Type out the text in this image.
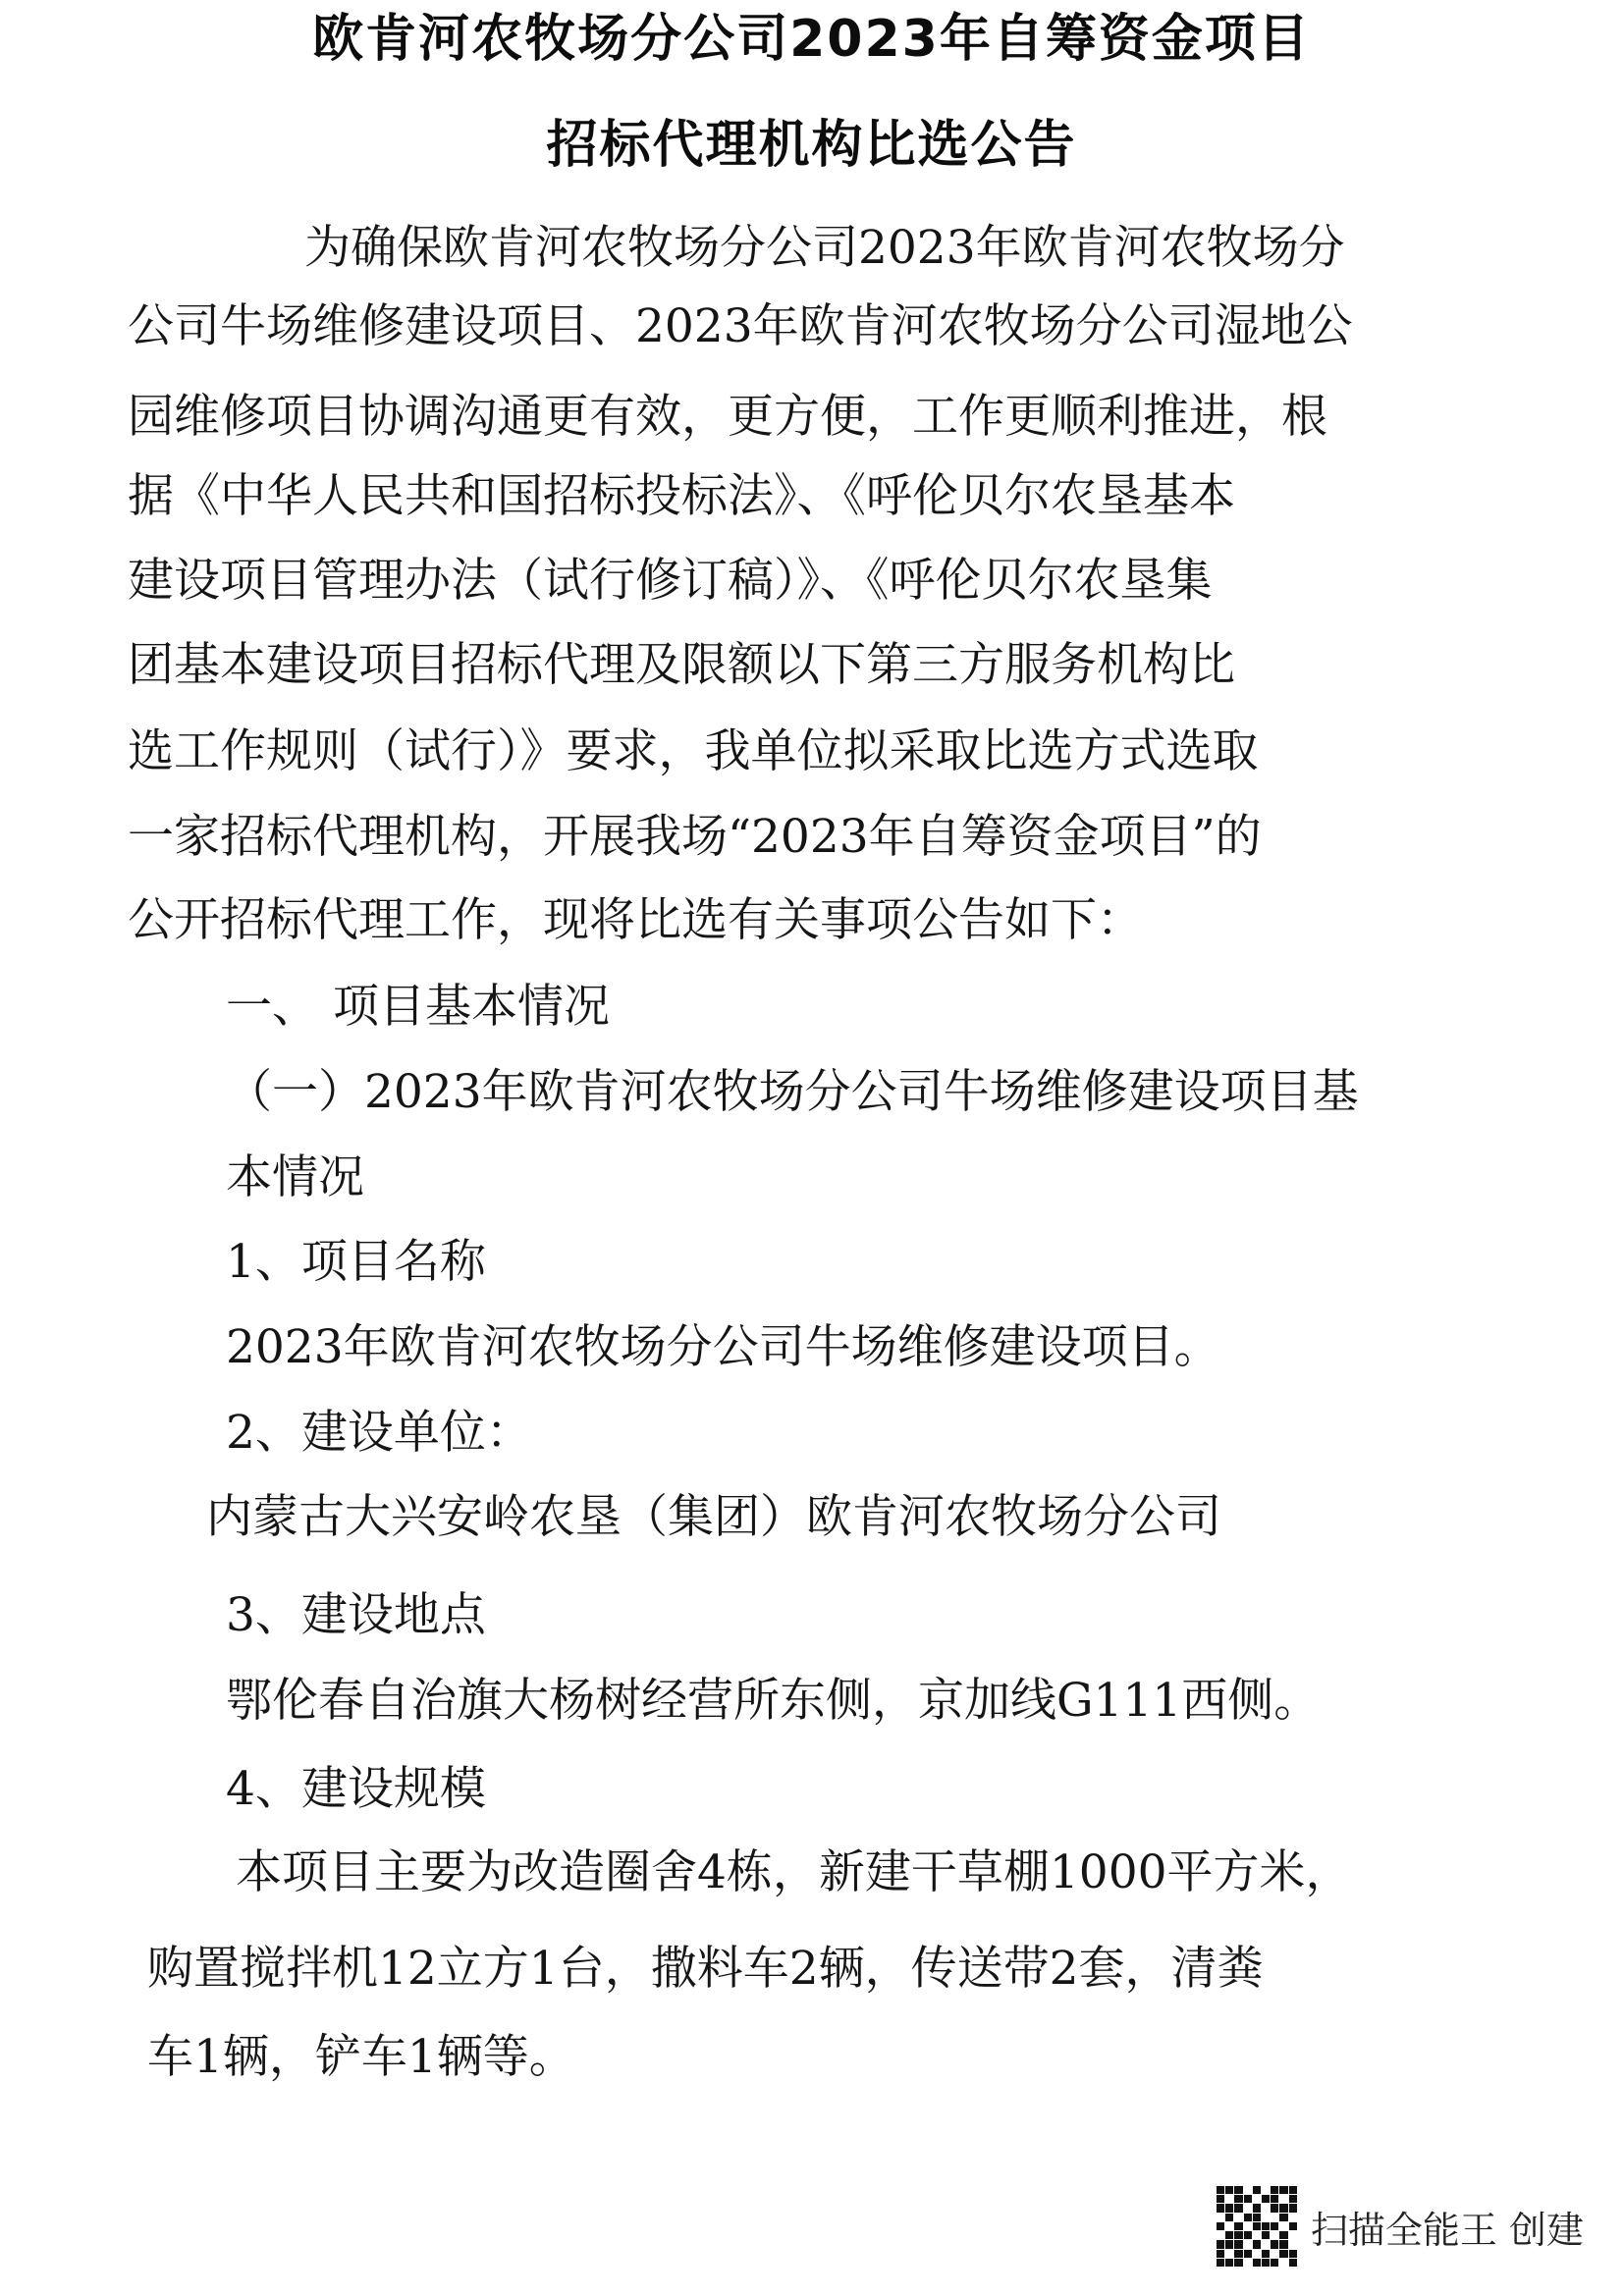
欧肯河农牧场分公司2023年自筹资金项目
招标代理机构比选公告
为确保欧肯河农牧场分公司2023年欧肯河农牧场分
公司牛场维修建设项目、2023年欧肯河农牧场分公司湿地公
园维修项目协调沟通更有效，更方便，工作更顺利推进，根
据《中华人民共和国招标投标法》、《呼伦贝尔农垦基本
建设项目管理办法（试行修订稿）》、《呼伦贝尔农垦集
团基本建设项目招标代理及限额以下第三方服务机构比
选工作规则（试行）》要求，我单位拟采取比选方式选取
一家招标代理机构，开展我场“2023年自筹资金项目”的
公开招标代理工作，现将比选有关事项公告如下：
一、 项目基本情况
（一）2023年欧肯河农牧场分公司牛场维修建设项目基
本情况
1、项目名称
2023年欧肯河农牧场分公司牛场维修建设项目。
2、建设单位：
内蒙古大兴安岭农垦（集团）欧肯河农牧场分公司
3、建设地点
鄂伦春自治旗大杨树经营所东侧，京加线G111西侧。
4、建设规模
本项目主要为改造圈舍4栋，新建干草棚1000平方米，
购置搅拌机12立方1台，撒料车2辆，传送带2套，清粪
车1辆，铲车1辆等。
扫描全能王 创建
